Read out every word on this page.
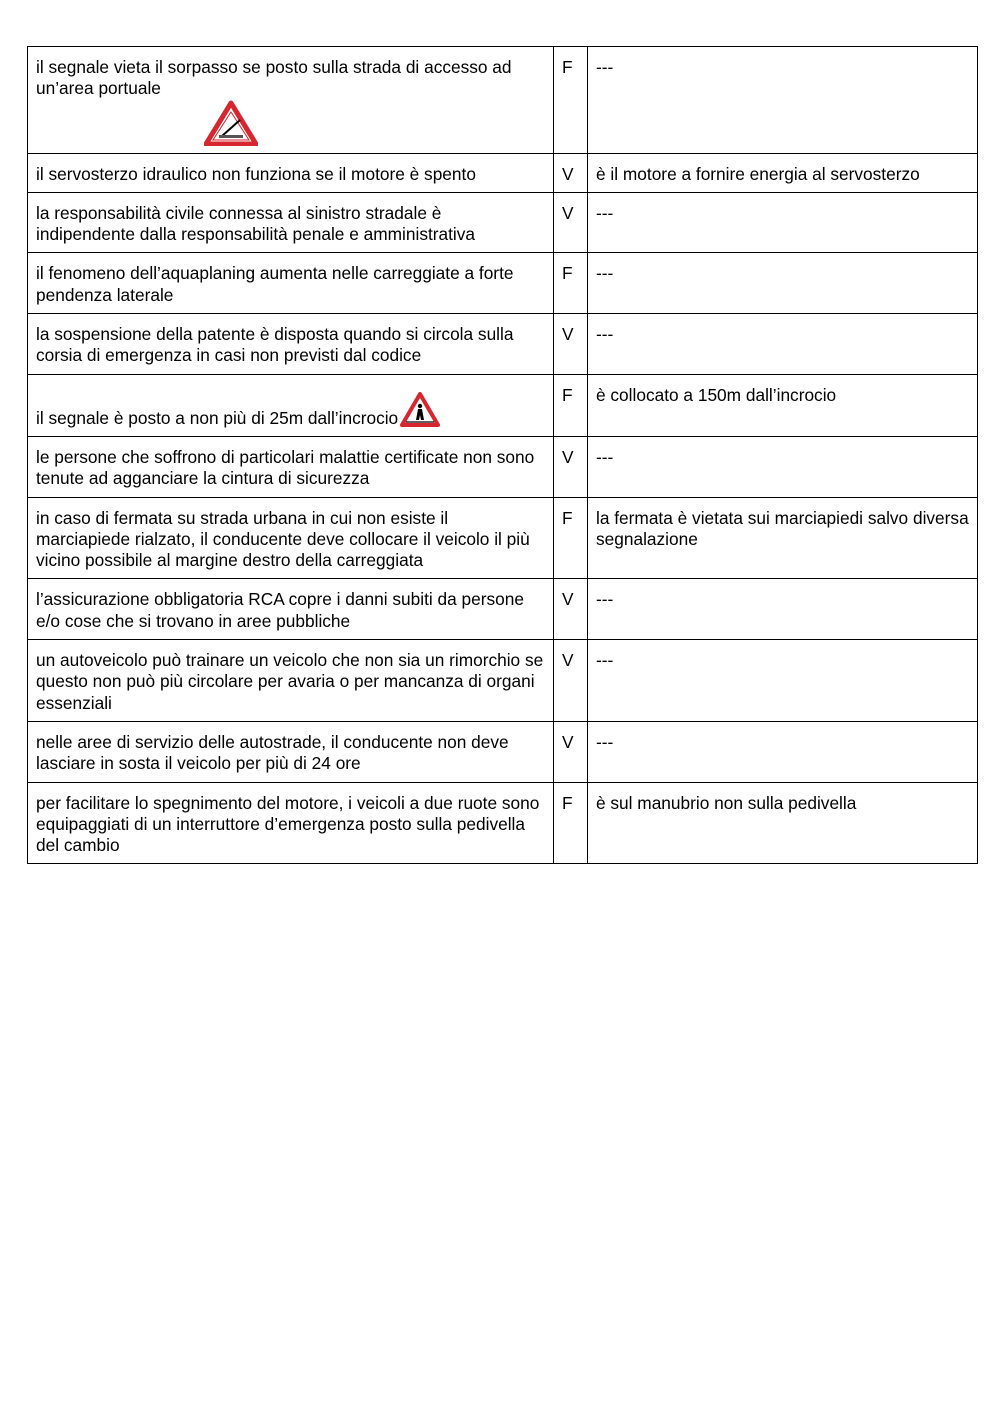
il segnale vieta il sorpasso se posto sulla strada di accesso ad un’area portuale	F	---
il servosterzo idraulico non funziona se il motore è spento	V	è il motore a fornire energia al servosterzo
la responsabilità civile connessa al sinistro stradale è indipendente dalla responsabilità penale e amministrativa	V	---
il fenomeno dell’aquaplaning aumenta nelle carreggiate a forte pendenza laterale	F	---
la sospensione della patente è disposta quando si circola sulla corsia di emergenza in casi non previsti dal codice	V	---

il segnale è posto a non più di 25m dall’incrocio	F	è collocato a 150m dall’incrocio
le persone che soffrono di particolari malattie certificate non sono tenute ad agganciare la cintura di sicurezza	V	---
in caso di fermata su strada urbana in cui non esiste il marciapiede rialzato, il conducente deve collocare il veicolo il più vicino possibile al margine destro della carreggiata	F	la fermata è vietata sui marciapiedi salvo diversa segnalazione
l’assicurazione obbligatoria RCA copre i danni subiti da persone e/o cose che si trovano in aree pubbliche	V	---
un autoveicolo può trainare un veicolo che non sia un rimorchio se questo non può più circolare per avaria o per mancanza di organi essenziali	V	---
nelle aree di servizio delle autostrade, il conducente non deve lasciare in sosta il veicolo per più di 24 ore	V	---
per facilitare lo spegnimento del motore, i veicoli a due ruote sono equipaggiati di un interruttore d’emergenza posto sulla pedivella del cambio	F	è sul manubrio non sulla pedivella
